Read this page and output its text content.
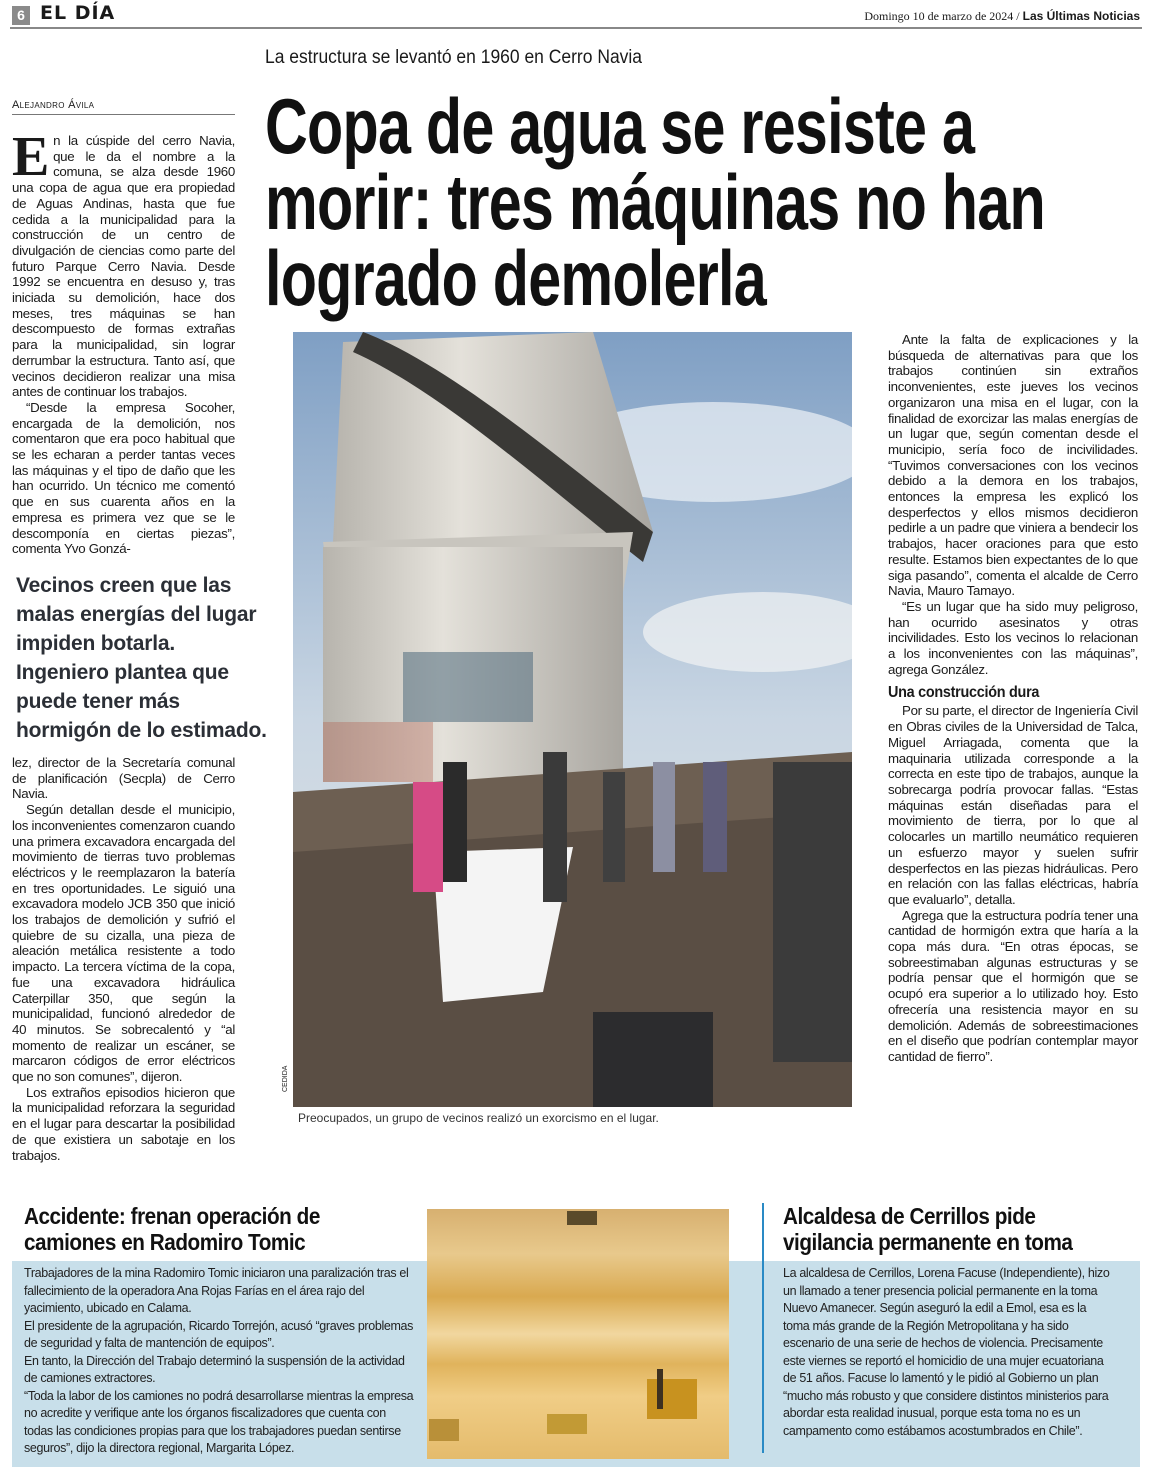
6 EL DÍA	Domingo 10 de marzo de 2024 / Las Últimas Noticias
Alejandro Ávila

En la cúspide del cerro Navia, que le da el nombre a la comuna, se alza desde 1960 una copa de agua que era propiedad de Aguas Andinas, hasta que fue cedida a la municipalidad para la construcción de un centro de divulgación de ciencias como parte del futuro Parque Cerro Navia. Desde 1992 se encuentra en desuso y, tras iniciada su demolición, hace dos meses, tres máquinas se han descompuesto de formas extrañas para la municipalidad, sin lograr derrumbar la estructura. Tanto así, que vecinos decidieron realizar una misa antes de continuar los trabajos.

“Desde la empresa Socoher, encargada de la demolición, nos comentaron que era poco habitual que se les echaran a perder tantas veces las máquinas y el tipo de daño que les han ocurrido. Un técnico me comentó que en sus cuarenta años en la empresa es primera vez que se le descomponía en ciertas piezas”, comenta Yvo Gonzá-

Vecinos creen que las malas energías del lugar impiden botarla. Ingeniero plantea que puede tener más hormigón de lo estimado.

lez, director de la Secretaría comunal de planificación (Secpla) de Cerro Navia.

Según detallan desde el municipio, los inconvenientes comenzaron cuando una primera excavadora encargada del movimiento de tierras tuvo problemas eléctricos y le reemplazaron la batería en tres oportunidades. Le siguió una excavadora modelo JCB 350 que inició los trabajos de demolición y sufrió el quiebre de su cizalla, una pieza de aleación metálica resistente a todo impacto. La tercera víctima de la copa, fue una excavadora hidráulica Caterpillar 350, que según la municipalidad, funcionó alrededor de 40 minutos. Se sobrecalentó y “al momento de realizar un escáner, se marcaron códigos de error eléctricos que no son comunes”, dijeron.

Los extraños episodios hicieron que la municipalidad reforzara la seguridad en el lugar para descartar la posibilidad de que existiera un sabotaje en los trabajos.

La estructura se levantó en 1960 en Cerro Navia
Copa de agua se resiste a morir: tres máquinas no han logrado demolerla
CEDIDA
Preocupados, un grupo de vecinos realizó un exorcismo en el lugar.

Ante la falta de explicaciones y la búsqueda de alternativas para que los trabajos continúen sin extraños inconvenientes, este jueves los vecinos organizaron una misa en el lugar, con la finalidad de exorcizar las malas energías de un lugar que, según comentan desde el municipio, sería foco de incivilidades. “Tuvimos conversaciones con los vecinos debido a la demora en los trabajos, entonces la empresa les explicó los desperfectos y ellos mismos decidieron pedirle a un padre que viniera a bendecir los trabajos, hacer oraciones para que esto resulte. Estamos bien expectantes de lo que siga pasando”, comenta el alcalde de Cerro Navia, Mauro Tamayo.

“Es un lugar que ha sido muy peligroso, han ocurrido asesinatos y otras incivilidades. Esto los vecinos lo relacionan a los inconvenientes con las máquinas”, agrega González.

Una construcción dura

Por su parte, el director de Ingeniería Civil en Obras civiles de la Universidad de Talca, Miguel Arriagada, comenta que la maquinaria utilizada corresponde a la correcta en este tipo de trabajos, aunque la sobrecarga podría provocar fallas. “Estas máquinas están diseñadas para el movimiento de tierra, por lo que al colocarles un martillo neumático requieren un esfuerzo mayor y suelen sufrir desperfectos en las piezas hidráulicas. Pero en relación con las fallas eléctricas, habría que evaluarlo”, detalla.

Agrega que la estructura podría tener una cantidad de hormigón extra que haría a la copa más dura. “En otras épocas, se sobreestimaban algunas estructuras y se podría pensar que el hormigón que se ocupó era superior a lo utilizado hoy. Esto ofrecería una resistencia mayor en su demolición. Además de sobreestimaciones en el diseño que podrían contemplar mayor cantidad de fierro”.

Accidente: frenan operación de camiones en Radomiro Tomic

Trabajadores de la mina Radomiro Tomic iniciaron una paralización tras el fallecimiento de la operadora Ana Rojas Farías en el área rajo del yacimiento, ubicado en Calama.

El presidente de la agrupación, Ricardo Torrejón, acusó “graves problemas de seguridad y falta de mantención de equipos”.

En tanto, la Dirección del Trabajo determinó la suspensión de la actividad de camiones extractores.

“Toda la labor de los camiones no podrá desarrollarse mientras la empresa no acredite y verifique ante los órganos fiscalizadores que cuenta con todas las condiciones propias para que los trabajadores puedan sentirse seguros”, dijo la directora regional, Margarita López.

Alcaldesa de Cerrillos pide vigilancia permanente en toma
La alcaldesa de Cerrillos, Lorena Facuse (Independiente), hizo un llamado a tener presencia policial permanente en la toma Nuevo Amanecer. Según aseguró la edil a Emol, esa es la toma más grande de la Región Metropolitana y ha sido escenario de una serie de hechos de violencia. Precisamente este viernes se reportó el homicidio de una mujer ecuatoriana de 51 años. Facuse lo lamentó y le pidió al Gobierno un plan “mucho más robusto y que considere distintos ministerios para abordar esta realidad inusual, porque esta toma no es un campamento como estábamos acostumbrados en Chile”.
